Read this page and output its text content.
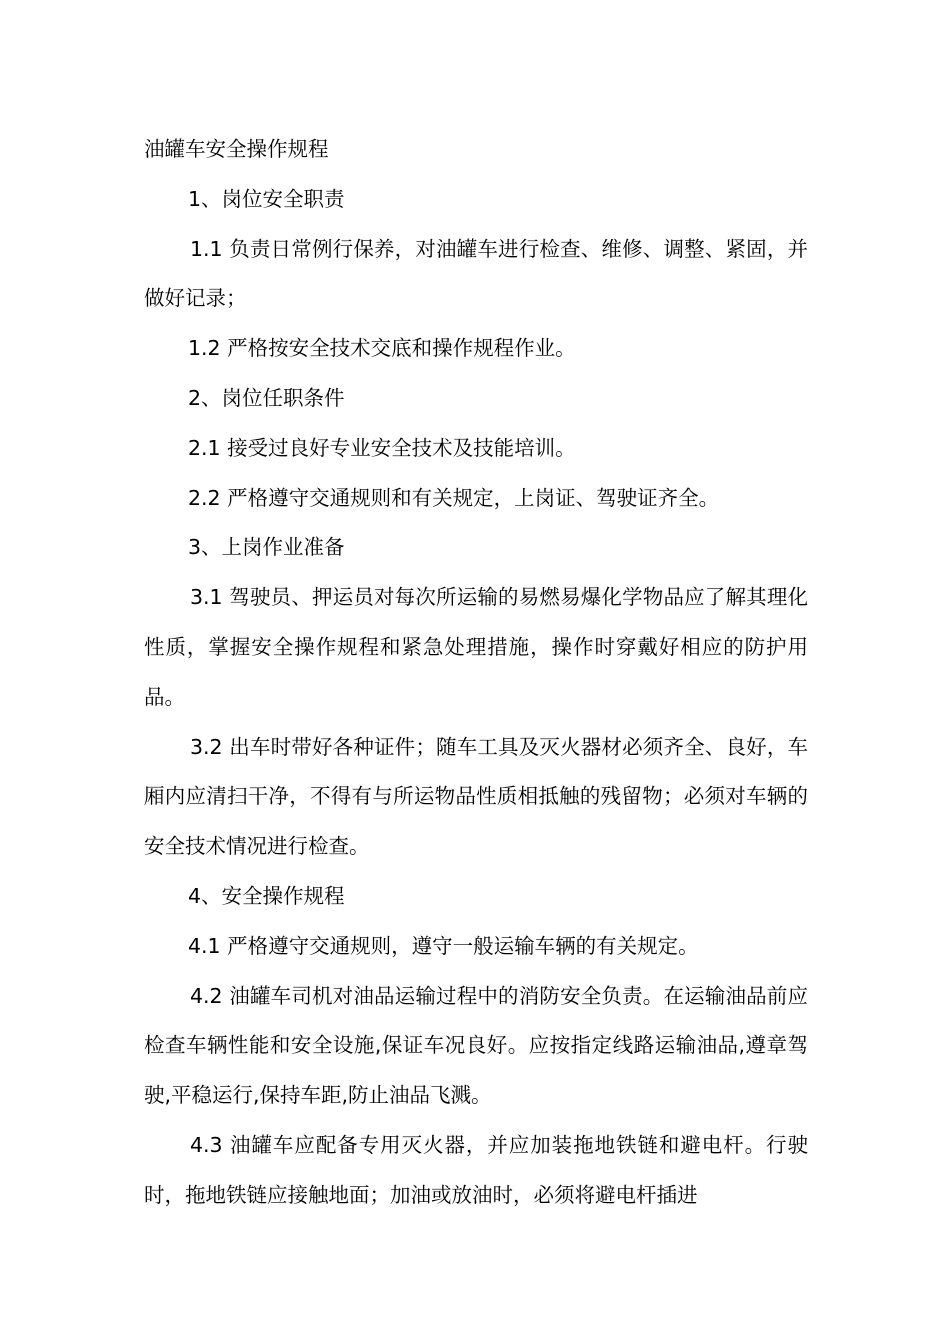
油罐车安全操作规程

1、岗位安全职责

1.1 负责日常例行保养，对油罐车进行检查、维修、调整、紧固，并做好记录；

1.2 严格按安全技术交底和操作规程作业。

2、岗位任职条件

2.1 接受过良好专业安全技术及技能培训。

2.2 严格遵守交通规则和有关规定，上岗证、驾驶证齐全。

3、上岗作业准备

3.1 驾驶员、押运员对每次所运输的易燃易爆化学物品应了解其理化性质，掌握安全操作规程和紧急处理措施，操作时穿戴好相应的防护用品。

3.2 出车时带好各种证件；随车工具及灭火器材必须齐全、良好，车厢内应清扫干净，不得有与所运物品性质相抵触的残留物；必须对车辆的安全技术情况进行检查。

4、安全操作规程

4.1 严格遵守交通规则，遵守一般运输车辆的有关规定。

4.2 油罐车司机对油品运输过程中的消防安全负责。在运输油品前应检查车辆性能和安全设施,保证车况良好。应按指定线路运输油品,遵章驾驶,平稳运行,保持车距,防止油品飞溅。

4.3 油罐车应配备专用灭火器，并应加装拖地铁链和避电杆。行驶时，拖地铁链应接触地面；加油或放油时，必须将避电杆插进
